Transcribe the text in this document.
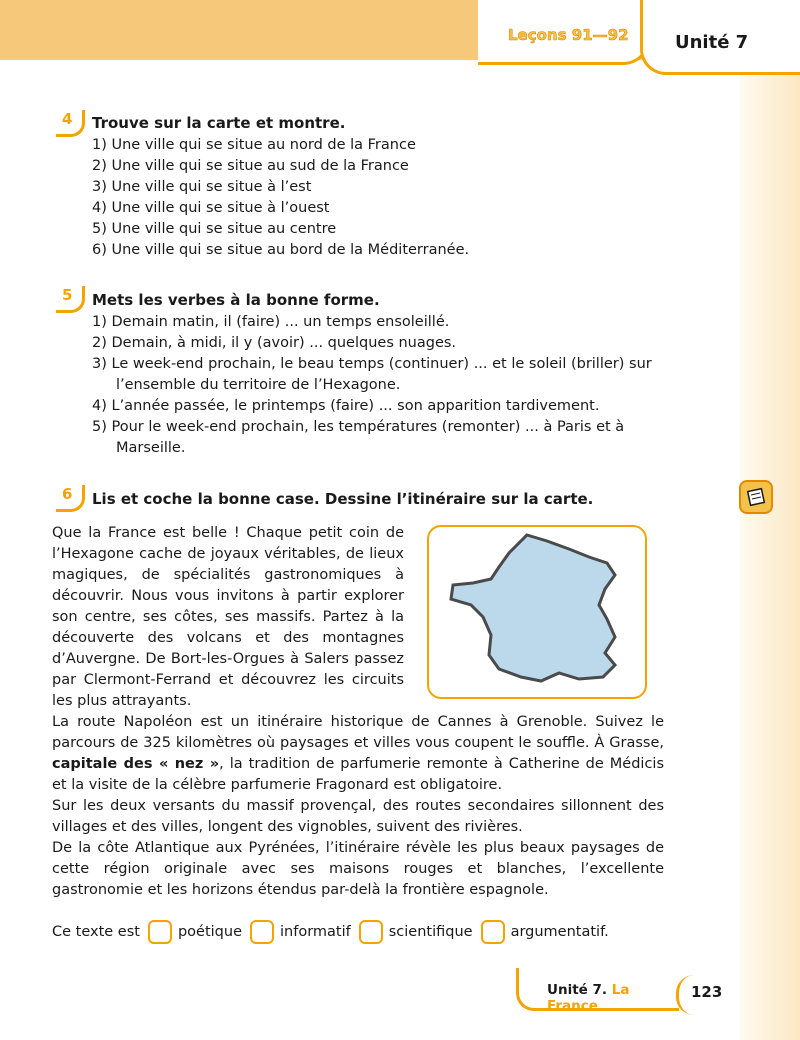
Leçons 91—92	Unité 7
4 Trouve sur la carte et montre.
1) Une ville qui se situe au nord de la France
2) Une ville qui se situe au sud de la France
3) Une ville qui se situe à l’est
4) Une ville qui se situe à l’ouest
5) Une ville qui se situe au centre
6) Une ville qui se situe au bord de la Méditerranée.
5 Mets les verbes à la bonne forme.
1) Demain matin, il (faire) ... un temps ensoleillé.
2) Demain, à midi, il y (avoir) ... quelques nuages.
3) Le week-end prochain, le beau temps (continuer) ... et le soleil (briller) sur l’ensemble du territoire de l’Hexagone.
4) L’année passée, le printemps (faire) ... son apparition tardivement.
5) Pour le week-end prochain, les températures (remonter) ... à Paris et à Marseille.
6 Lis et coche la bonne case. Dessine l’itinéraire sur la carte.

Que la France est belle ! Chaque petit coin de l’Hexagone cache de joyaux véritables, de lieux magiques, de spécialités gastronomiques à découvrir. Nous vous invitons à partir explorer son centre, ses côtes, ses massifs. Partez à la découverte des volcans et des montagnes d’Auvergne. De Bort-les-Orgues à Salers passez par Clermont-Ferrand et découvrez les circuits les plus attrayants.

La route Napoléon est un itinéraire historique de Cannes à Grenoble. Suivez le parcours de 325 kilomètres où paysages et villes vous coupent le souffle. À Grasse, capitale des « nez », la tradition de parfumerie remonte à Catherine de Médicis et la visite de la célèbre parfumerie Fragonard est obligatoire.

Sur les deux versants du massif provençal, des routes secondaires sillonnent des villages et des villes, longent des vignobles, suivent des rivières.

De la côte Atlantique aux Pyrénées, l’itinéraire révèle les plus beaux paysages de cette région originale avec ses maisons rouges et blanches, l’excellente gastronomie et les horizons étendus par-delà la frontière espagnole.

Ce texte est	poétique	informatif	scientifique	argumentatif.
Unité 7. La France
123
